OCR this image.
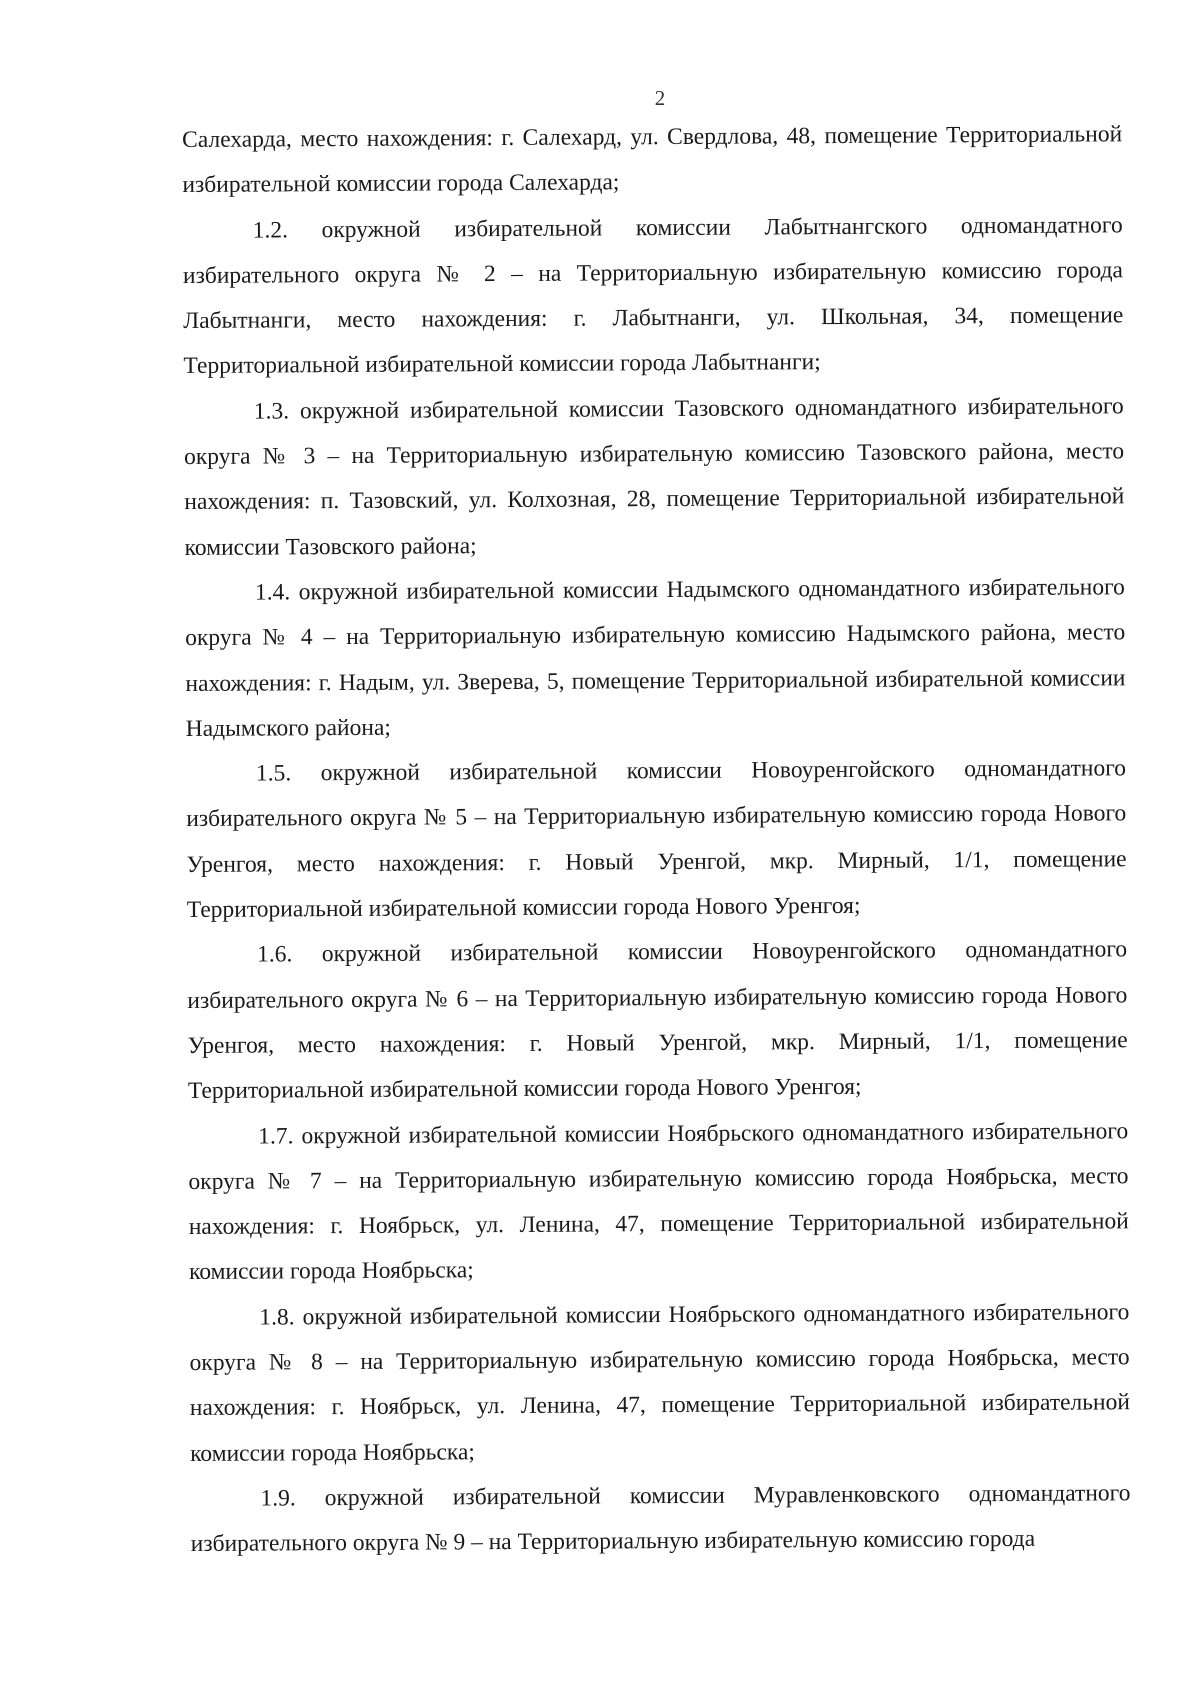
2

Салехарда, место нахождения: г. Салехард, ул. Свердлова, 48, помещение Территориальной избирательной комиссии города Салехарда;

1.2. окружной избирательной комиссии Лабытнангского одномандатного избирательного округа № 2 – на Территориальную избирательную комиссию города Лабытнанги, место нахождения: г. Лабытнанги, ул. Школьная, 34, помещение Территориальной избирательной комиссии города Лабытнанги;

1.3. окружной избирательной комиссии Тазовского одномандатного избирательного округа № 3 – на Территориальную избирательную комиссию Тазовского района, место нахождения: п. Тазовский, ул. Колхозная, 28, помещение Территориальной избирательной комиссии Тазовского района;

1.4. окружной избирательной комиссии Надымского одномандатного избирательного округа № 4 – на Территориальную избирательную комиссию Надымского района, место нахождения: г. Надым, ул. Зверева, 5, помещение Территориальной избирательной комиссии Надымского района;

1.5. окружной избирательной комиссии Новоуренгойского одномандатного избирательного округа № 5 – на Территориальную избирательную комиссию города Нового Уренгоя, место нахождения: г. Новый Уренгой, мкр. Мирный, 1/1, помещение Территориальной избирательной комиссии города Нового Уренгоя;

1.6. окружной избирательной комиссии Новоуренгойского одномандатного избирательного округа № 6 – на Территориальную избирательную комиссию города Нового Уренгоя, место нахождения: г. Новый Уренгой, мкр. Мирный, 1/1, помещение Территориальной избирательной комиссии города Нового Уренгоя;

1.7. окружной избирательной комиссии Ноябрьского одномандатного избирательного округа № 7 – на Территориальную избирательную комиссию города Ноябрьска, место нахождения: г. Ноябрьск, ул. Ленина, 47, помещение Территориальной избирательной комиссии города Ноябрьска;

1.8. окружной избирательной комиссии Ноябрьского одномандатного избирательного округа № 8 – на Территориальную избирательную комиссию города Ноябрьска, место нахождения: г. Ноябрьск, ул. Ленина, 47, помещение Территориальной избирательной комиссии города Ноябрьска;

1.9. окружной избирательной комиссии Муравленковского одномандатного избирательного округа № 9 – на Территориальную избирательную комиссию города
